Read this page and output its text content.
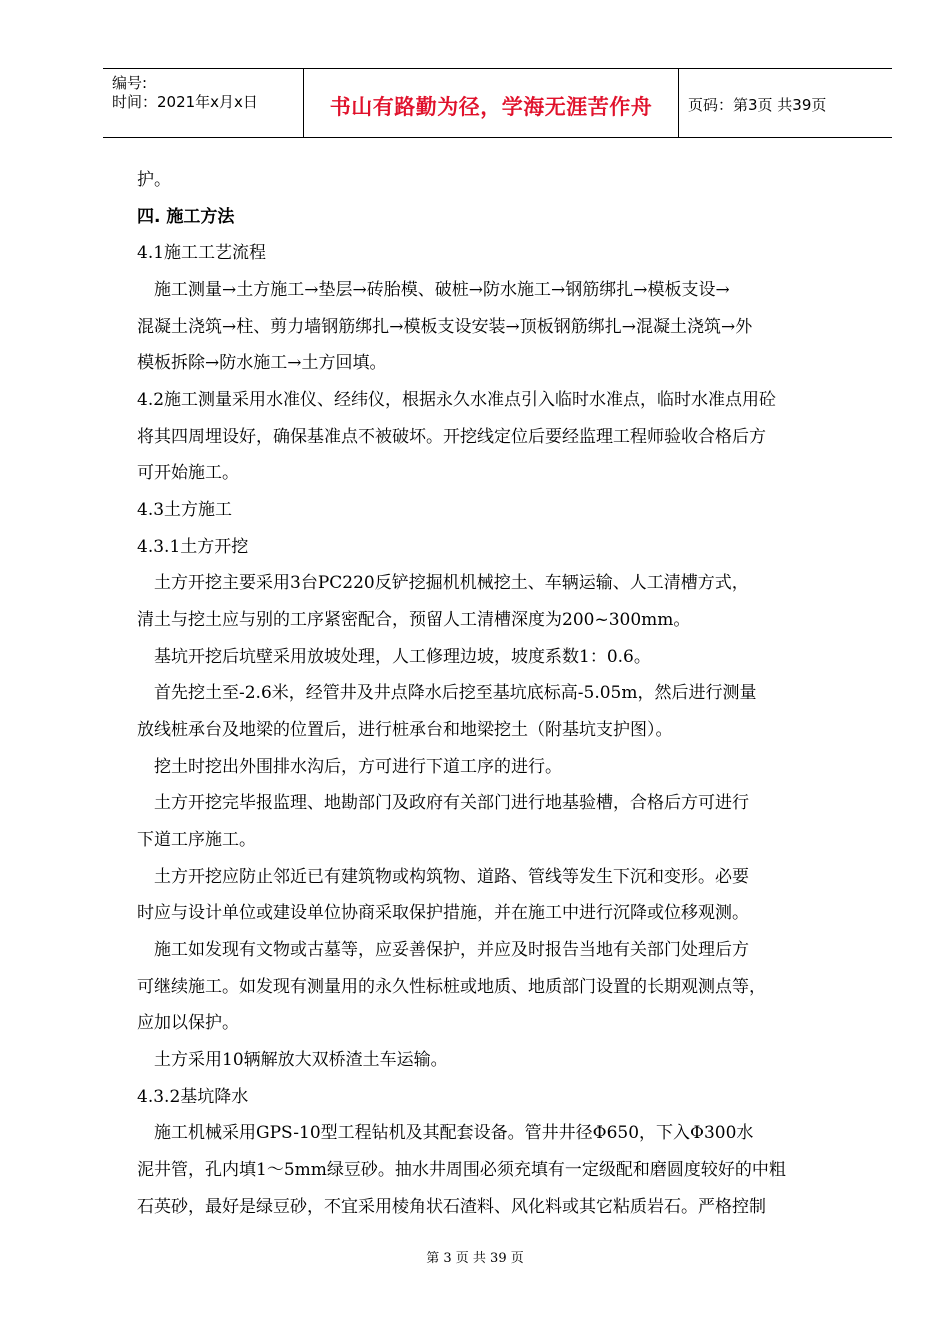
编号:
时间：2021年x月x日	书山有路勤为径，学海无涯苦作舟	页码：第3页 共39页
护。
四. 施工方法
4.1施工工艺流程
　施工测量→土方施工→垫层→砖胎模、破桩→防水施工→钢筋绑扎→模板支设→
混凝土浇筑→柱、剪力墙钢筋绑扎→模板支设安装→顶板钢筋绑扎→混凝土浇筑→外
模板拆除→防水施工→土方回填。
4.2施工测量采用水准仪、经纬仪，根据永久水准点引入临时水准点，临时水准点用砼
将其四周埋设好，确保基准点不被破坏。开挖线定位后要经监理工程师验收合格后方
可开始施工。
4.3土方施工
4.3.1土方开挖
　土方开挖主要采用3台PC220反铲挖掘机机械挖土、车辆运输、人工清槽方式，
清土与挖土应与别的工序紧密配合，预留人工清槽深度为200~300mm。
　基坑开挖后坑壁采用放坡处理，人工修理边坡，坡度系数1：0.6。
　首先挖土至-2.6米，经管井及井点降水后挖至基坑底标高-5.05m，然后进行测量
放线桩承台及地梁的位置后，进行桩承台和地梁挖土（附基坑支护图）。
　挖土时挖出外围排水沟后，方可进行下道工序的进行。
　土方开挖完毕报监理、地勘部门及政府有关部门进行地基验槽，合格后方可进行
下道工序施工。
　土方开挖应防止邻近已有建筑物或构筑物、道路、管线等发生下沉和变形。必要
时应与设计单位或建设单位协商采取保护措施，并在施工中进行沉降或位移观测。
　施工如发现有文物或古墓等，应妥善保护，并应及时报告当地有关部门处理后方
可继续施工。如发现有测量用的永久性标桩或地质、地质部门设置的长期观测点等，
应加以保护。
　土方采用10辆解放大双桥渣土车运输。
4.3.2基坑降水
　施工机械采用GPS-10型工程钻机及其配套设备。管井井径Φ650，下入Φ300水
泥井管，孔内填1～5mm绿豆砂。抽水井周围必须充填有一定级配和磨圆度较好的中粗
石英砂，最好是绿豆砂，不宜采用棱角状石渣料、风化料或其它粘质岩石。严格控制
第 3 页 共 39 页
